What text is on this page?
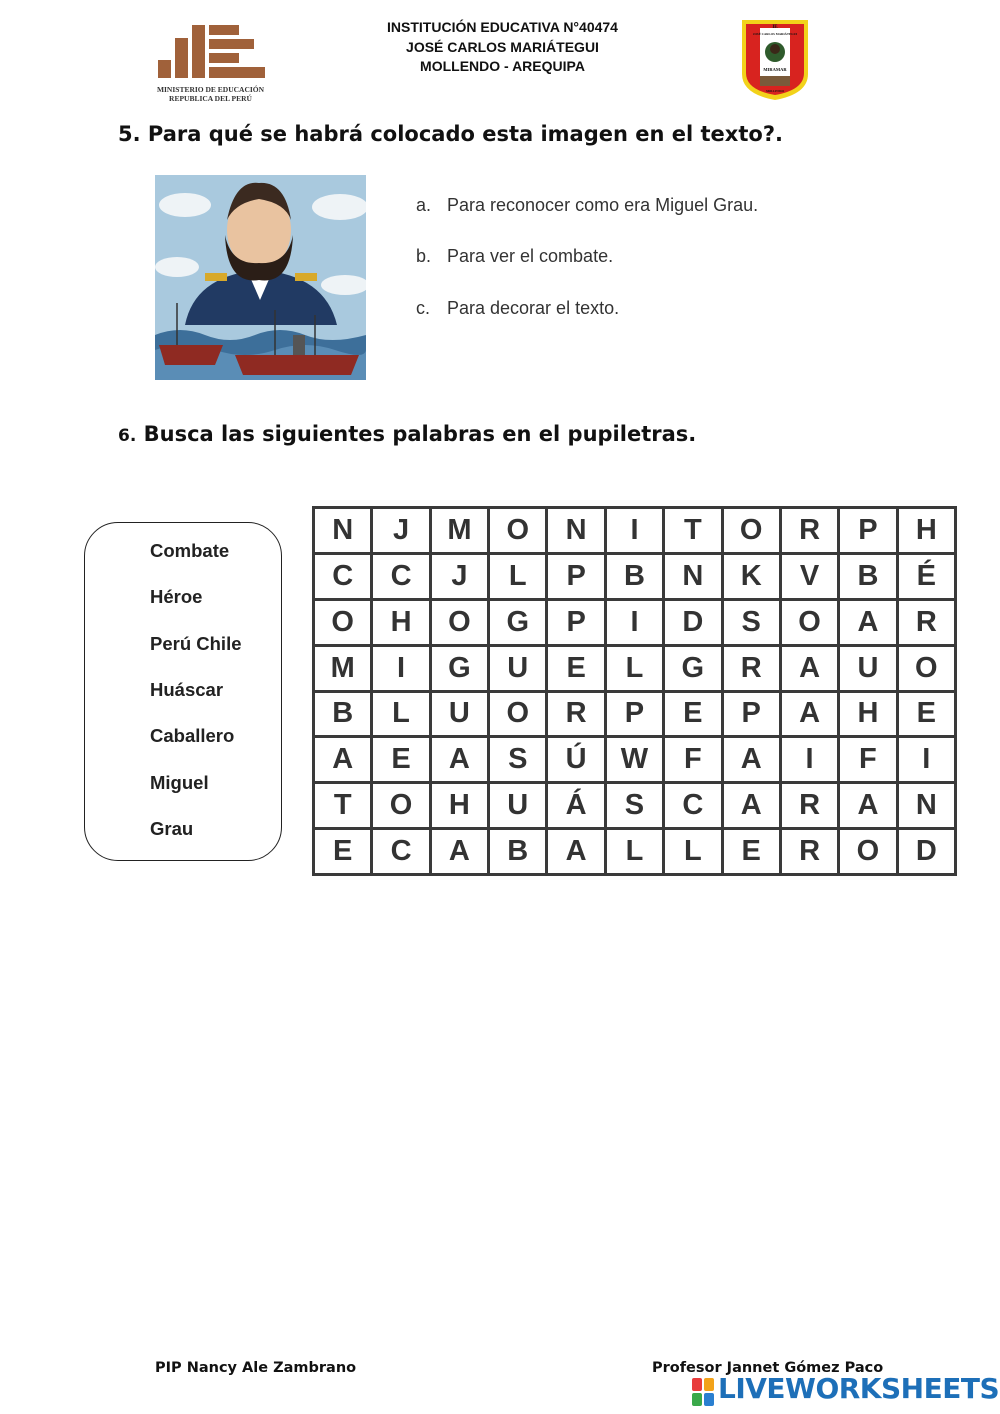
INSTITUCIÓN EDUCATIVA N°40474
JOSÉ CARLOS MARIÁTEGUI
MOLLENDO - AREQUIPA
MINISTERIO DE EDUCACIÓN
REPUBLICA DEL PERÚ
IE
JOSÉ CARLOS MARIÁTEGUI
MIRAMAR
MOLLENDO
5. Para qué se habrá colocado esta imagen en el texto?.
a. Para reconocer como era Miguel Grau.
b. Para ver el combate.
c. Para decorar el texto.
6. Busca las siguientes palabras en el pupiletras.
Combate
Héroe
Perú Chile
Huáscar
Caballero
Miguel
Grau
N	J	M	O	N	I	T	O	R	P	H
C	C	J	L	P	B	N	K	V	B	É
O	H	O	G	P	I	D	S	O	A	R
M	I	G	U	E	L	G	R	A	U	O
B	L	U	O	R	P	E	P	A	H	E
A	E	A	S	Ú	W	F	A	I	F	I
T	O	H	U	Á	S	C	A	R	A	N
E	C	A	B	A	L	L	E	R	O	D
PIP Nancy Ale Zambrano	Profesor Jannet Gómez Paco
LIVEWORKSHEETS
